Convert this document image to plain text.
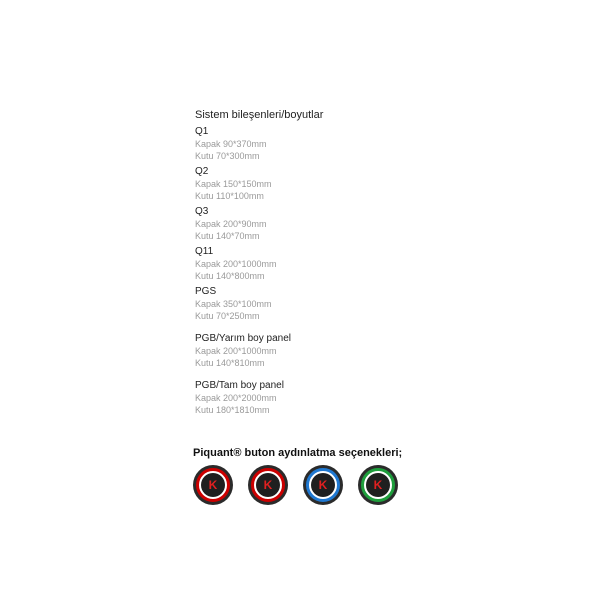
Sistem bileşenleri/boyutlar
Q1
Kapak 90*370mm
Kutu 70*300mm
Q2
Kapak 150*150mm
Kutu 110*100mm
Q3
Kapak 200*90mm
Kutu 140*70mm
Q11
Kapak 200*1000mm
Kutu 140*800mm
PGS
Kapak 350*100mm
Kutu 70*250mm
PGB/Yarım boy panel
Kapak 200*1000mm
Kutu 140*810mm
PGB/Tam boy panel
Kapak 200*2000mm
Kutu 180*1810mm
Piquant® buton aydınlatma seçenekleri;
K	K	K	K
